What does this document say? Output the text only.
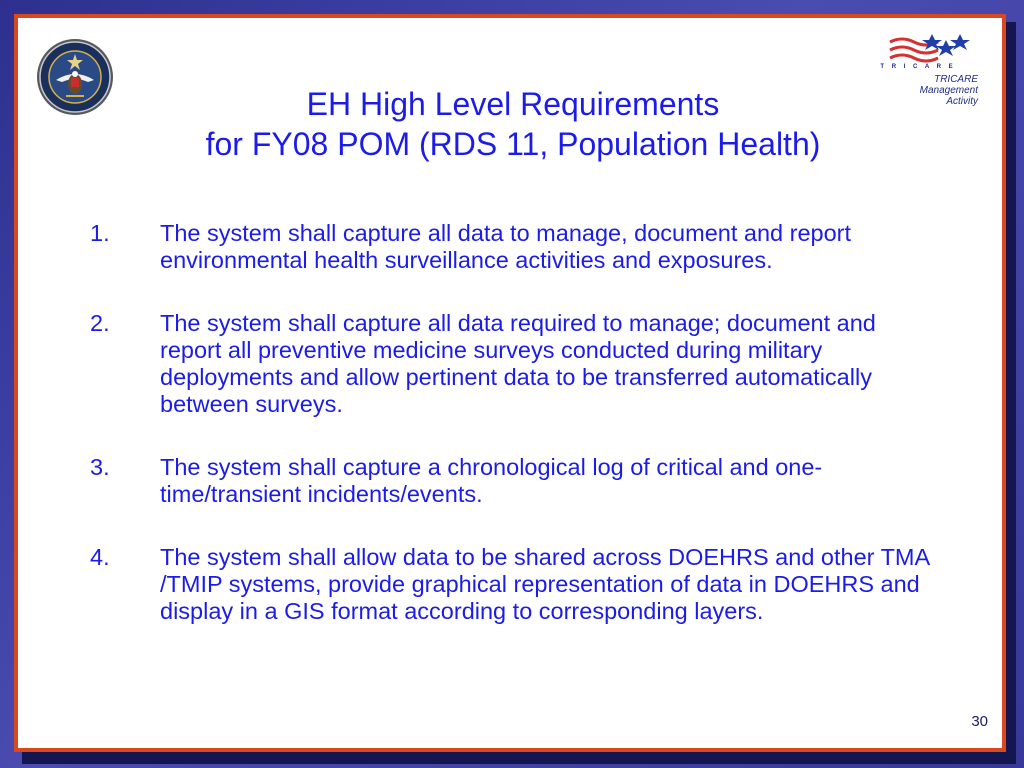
T R I C A R E
TRICARE
Management
Activity
EH High Level Requirements
for FY08 POM (RDS 11, Population Health)
1. The system shall capture all data to manage, document and report environmental health surveillance activities and exposures.
2. The system shall capture all data required to manage; document and report all preventive medicine surveys conducted during military deployments and allow pertinent data to be transferred automatically between surveys.
3. The system shall capture a chronological log of critical and one-time/transient incidents/events.
4. The system shall allow data to be shared across DOEHRS and other TMA /TMIP systems, provide graphical representation of data in DOEHRS and display in a GIS format according to corresponding layers.
30
